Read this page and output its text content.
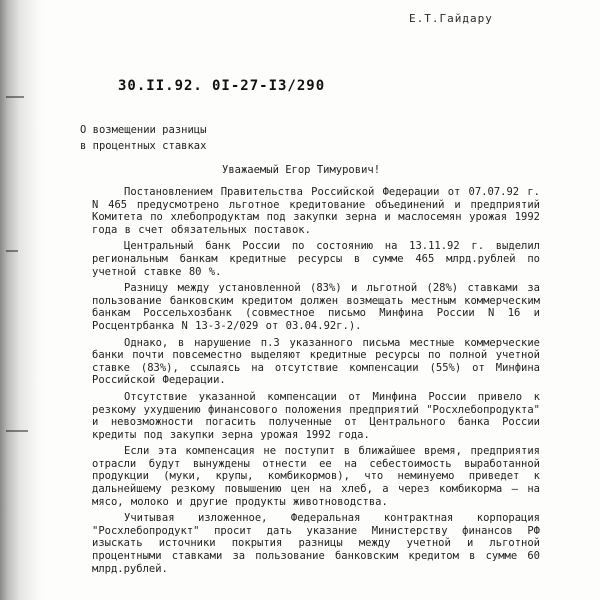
Е.Т.Гайдару
30.II.92. 0I-27-I3/290
О возмещении разницы
в процентных ставках
Уважаемый Егор Тимурович!

Постановлением Правительства Российской Федерации от 07.07.92 г. N 465 предусмотрено льготное кредитование объединений и предприятий Комитета по хлебопродуктам под закупки зерна и маслосемян урожая 1992 года в счет обязательных поставок.

Центральный банк России по состоянию на 13.11.92 г. выделил региональным банкам кредитные ресурсы в сумме 465 млрд.рублей по учетной ставке 80 %.

Разницу между установленной (83%) и льготной (28%) ставками за пользование банковским кредитом должен возмещать местным коммерческим банкам Россельхозбанк (совместное письмо Минфина России N 16 и Росцентрбанка N 13-3-2/029 от 03.04.92г.).

Однако, в нарушение п.3 указанного письма местные коммерческие банки почти повсеместно выделяют кредитные ресурсы по полной учетной ставке (83%), ссылаясь на отсутствие компенсации (55%) от Минфина Российской Федерации.

Отсутствие указанной компенсации от Минфина России привело к резкому ухудшению финансового положения предприятий "Росхлебопродукта" и невозможности погасить полученные от Центрального банка России кредиты под закупки зерна урожая 1992 года.

Если эта компенсация не поступит в ближайшее время, предприятия отрасли будут вынуждены отнести ее на себестоимость выработанной продукции (муки, крупы, комбикормов), что неминуемо приведет к дальнейшему резкому повышению цен на хлеб, а через комбикорма – на мясо, молоко и другие продукты животноводства.

Учитывая изложенное, Федеральная контрактная корпорация "Росхлебопродукт" просит дать указание Министерству финансов РФ изыскать источники покрытия разницы между учетной и льготной процентными ставками за пользование банковским кредитом в сумме 60 млрд.рублей.
